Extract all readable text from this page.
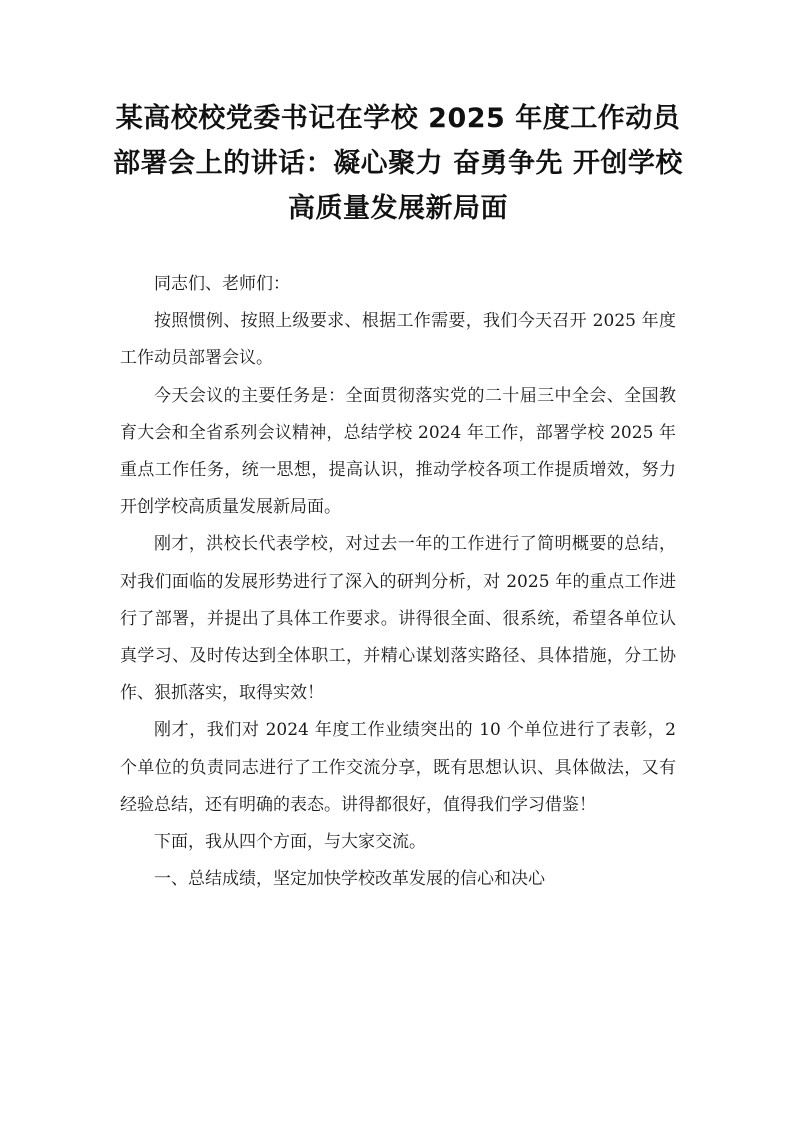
某高校校党委书记在学校 2025 年度工作动员部署会上的讲话：凝心聚力 奋勇争先 开创学校高质量发展新局面

同志们、老师们：

按照惯例、按照上级要求、根据工作需要，我们今天召开 2025 年度工作动员部署会议。

今天会议的主要任务是：全面贯彻落实党的二十届三中全会、全国教育大会和全省系列会议精神，总结学校 2024 年工作，部署学校 2025 年重点工作任务，统一思想，提高认识，推动学校各项工作提质增效，努力开创学校高质量发展新局面。

刚才，洪校长代表学校，对过去一年的工作进行了简明概要的总结，对我们面临的发展形势进行了深入的研判分析，对 2025 年的重点工作进行了部署，并提出了具体工作要求。讲得很全面、很系统，希望各单位认真学习、及时传达到全体职工，并精心谋划落实路径、具体措施，分工协作、狠抓落实，取得实效！

刚才，我们对 2024 年度工作业绩突出的 10 个单位进行了表彰，2 个单位的负责同志进行了工作交流分享，既有思想认识、具体做法，又有经验总结，还有明确的表态。讲得都很好，值得我们学习借鉴！

下面，我从四个方面，与大家交流。

一、总结成绩，坚定加快学校改革发展的信心和决心
